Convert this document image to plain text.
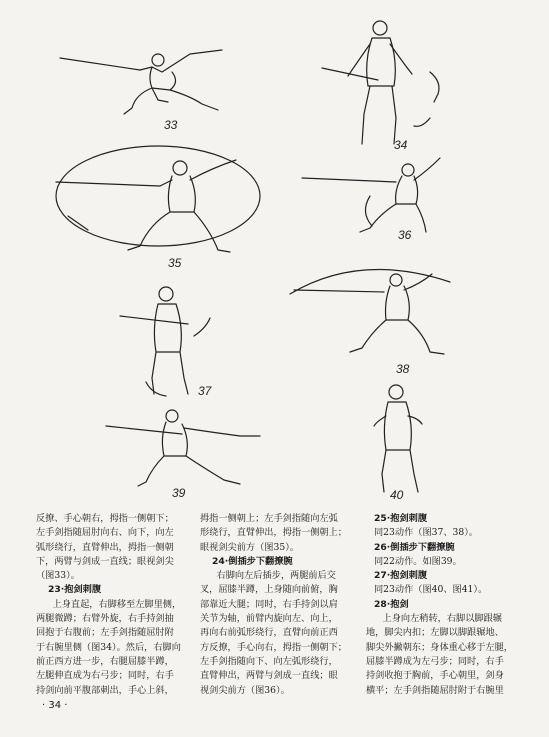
33
34
35
36
37
38
39	40

反撩、手心朝右，拇指一侧朝下；

左手剑指随屈肘向右、向下，向左

弧形绕行，直臂伸出，拇指一侧朝

下，两臂与剑成一直线；眼视剑尖

（图33）。

23·抱剑刺腹

上身直起，右脚移至左脚里侧，

两腿微蹲；右臂外旋，右手持剑抽

回抱于右腹前；左手剑指随屈肘附

于右腕里侧（图34）。然后，右脚向

前正西方进一步，右腿屈膝半蹲，

左腿伸直成为右弓步；同时，右手

持剑向前平腹部刺出，手心上斜，

拇指一侧朝上；左手剑指随向左弧

形绕行，直臂伸出，拇指一侧朝上；

眼视剑尖前方（图35）。

24·倒插步下翻撩腕

右脚向左后插步，两腿前后交

叉，屈膝半蹲，上身随向前俯，胸

部靠近大腿；同时，右手持剑以肩

关节为轴，前臂内旋向左、向上，

再向右前弧形绕行，直臂向前正西

方反撩，手心向右，拇指一侧朝下；

左手剑指随向下、向左弧形绕行，

直臂伸出，两臂与剑成一直线；眼

视剑尖前方（图36）。

25·抱剑刺腹

同23动作（图37、38）。

26·倒插步下翻撩腕

同22动作。如图39。

27·抱剑刺腹

同23动作（图40、图41）。

28·抱剑

上身向左稍转，右脚以脚跟辗

地，脚尖内扣；左脚以脚跟辗地、

脚尖外撇朝东；身体重心移于左腿，

屈膝半蹲成为左弓步；同时，右手

持剑收抱于胸前，手心朝里，剑身

横平；左手剑指随屈肘附于右腕里

· 34 ·
